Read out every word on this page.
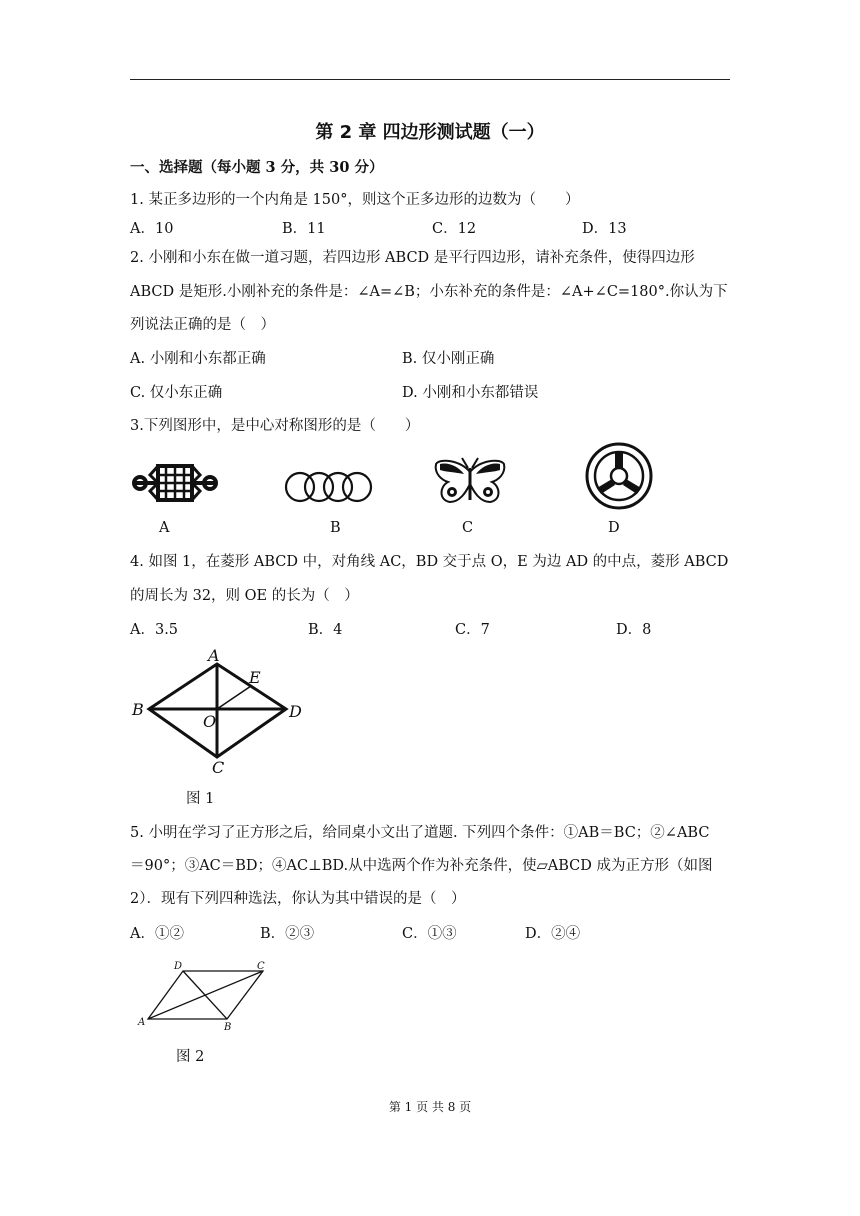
第 2 章 四边形测试题（一）
一、选择题（每小题 3 分，共 30 分）
1. 某正多边形的一个内角是 150°，则这个正多边形的边数为（　　）
A．10	B．11	C．12	D．13
2. 小刚和小东在做一道习题，若四边形 ABCD 是平行四边形，请补充条件，使得四边形
ABCD 是矩形.小刚补充的条件是：∠A=∠B；小东补充的条件是：∠A+∠C=180°.你认为下
列说法正确的是（　）
A. 小刚和小东都正确	B. 仅小刚正确
C. 仅小东正确	D. 小刚和小东都错误
3.下列图形中，是中心对称图形的是（　　）
A	B	C	D
4. 如图 1，在菱形 ABCD 中，对角线 AC，BD 交于点 O，E 为边 AD 的中点，菱形 ABCD
的周长为 32，则 OE 的长为（　）
A．3.5	B．4	C．7	D．8
A
E
B
O
D
C
图 1
5. 小明在学习了正方形之后，给同桌小文出了道题. 下列四个条件：①AB＝BC；②∠ABC
＝90°；③AC＝BD；④AC⊥BD.从中选两个作为补充条件，使▱ABCD 成为正方形（如图
2）．现有下列四种选法，你认为其中错误的是（　）
A．①②	B．②③	C．①③	D．②④
D	C
A	B
图 2
第 1 页 共 8 页
